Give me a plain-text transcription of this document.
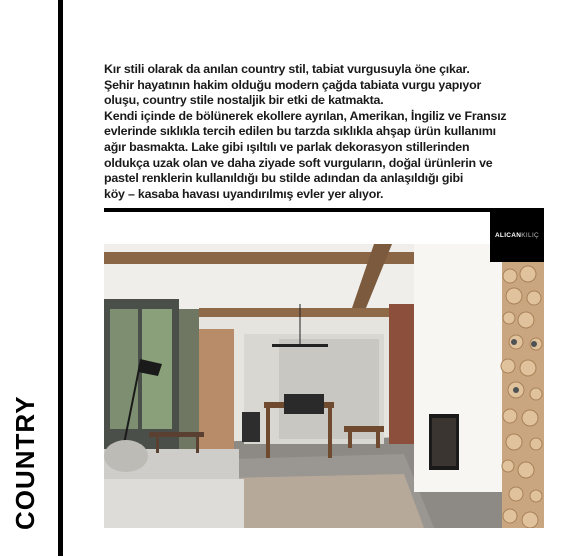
COUNTRY

Kır stili olarak da anılan country stil, tabiat vurgusuyla öne çıkar.

Şehir hayatının hakim olduğu modern çağda tabiata vurgu yapıyor

oluşu, country stile nostaljik bir etki de katmakta.

Kendi içinde de bölünerek ekollere ayrılan, Amerikan, İngiliz ve Fransız

evlerinde sıklıkla tercih edilen bu tarzda sıklıkla ahşap ürün kullanımı

ağır basmakta. Lake gibi ışıltılı ve parlak dekorasyon stillerinden

oldukça uzak olan ve daha ziyade soft vurguların, doğal ürünlerin ve

pastel renklerin kullanıldığı bu stilde adından da anlaşıldığı gibi

köy – kasaba havası uyandırılmış evler yer alıyor.

ALICAN KILIÇ
